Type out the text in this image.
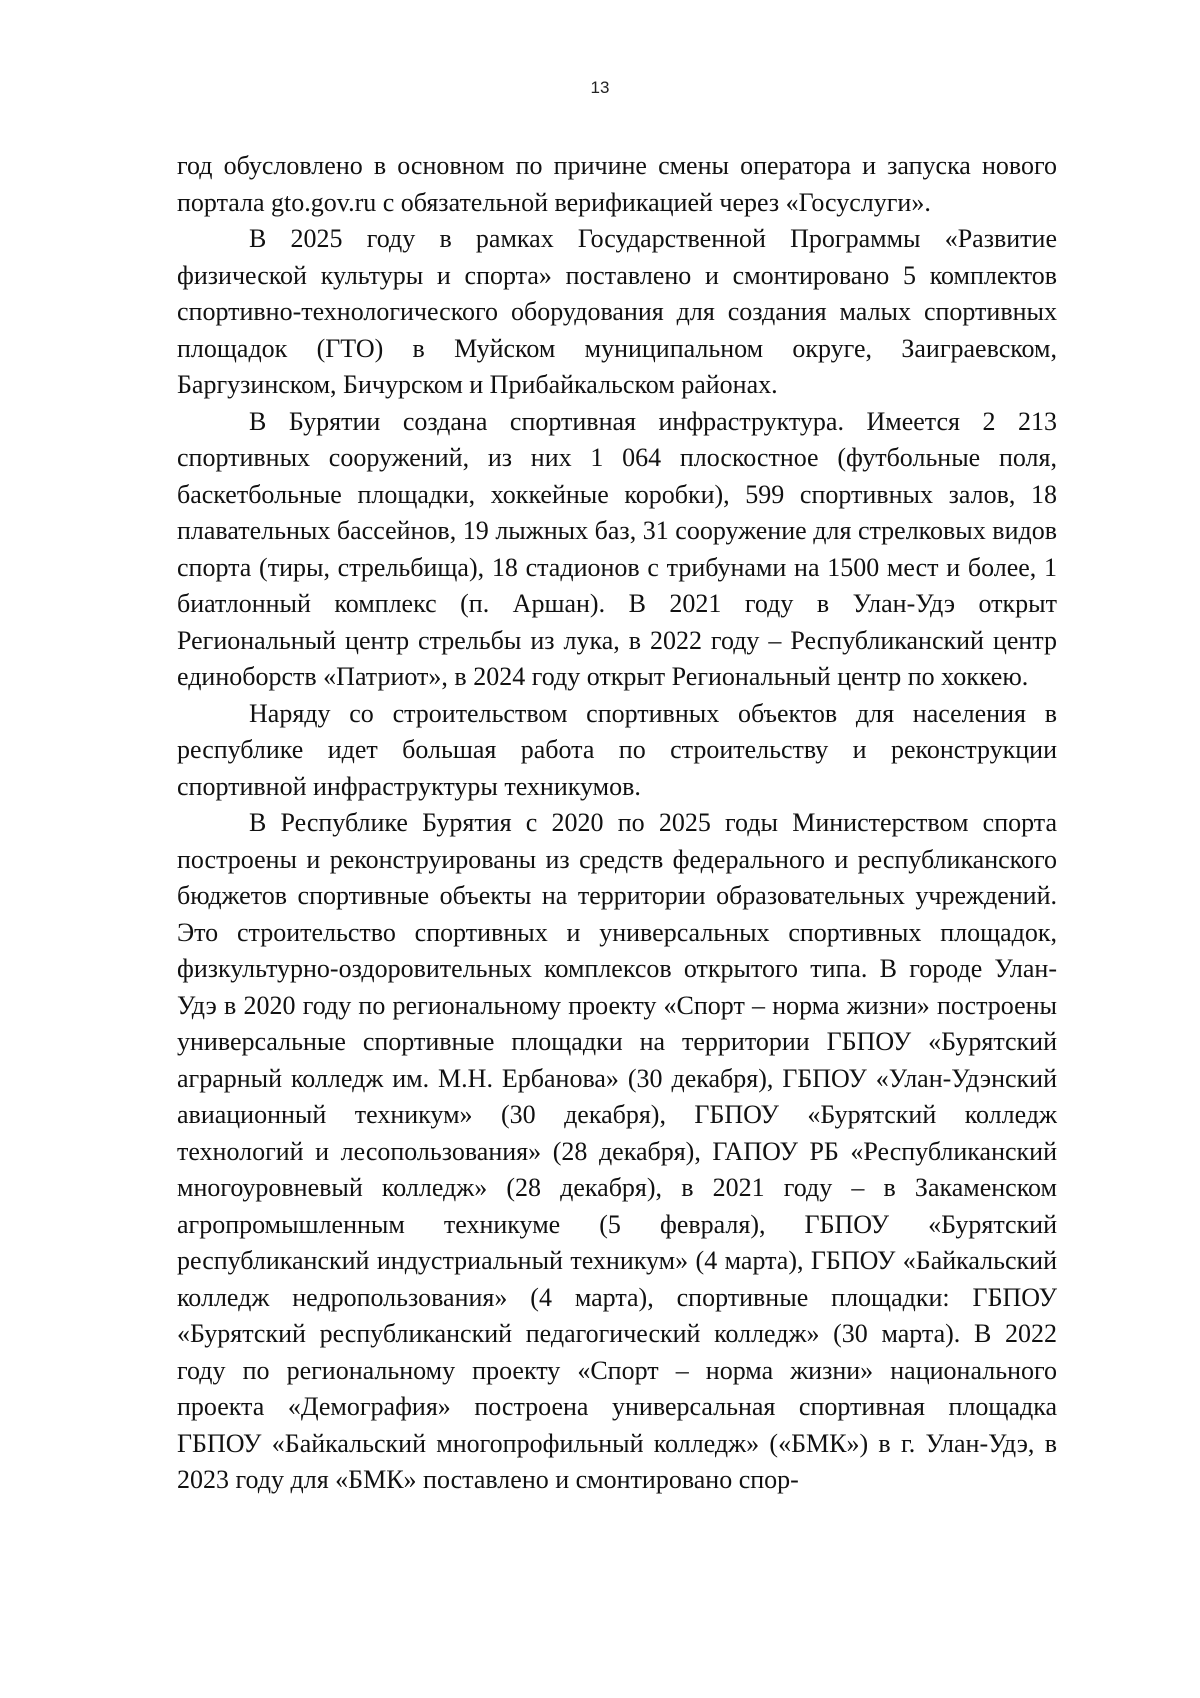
13

год обусловлено в основном по причине смены оператора и запуска нового портала gto.gov.ru с обязательной верификацией через «Госуслуги».

В 2025 году в рамках Государственной Программы «Развитие физической культуры и спорта» поставлено и смонтировано 5 комплектов спортивно-технологического оборудования для создания малых спортивных площадок (ГТО) в Муйском муниципальном округе, Заиграевском, Баргузинском, Бичурском и Прибайкальском районах.

В Бурятии создана спортивная инфраструктура. Имеется 2 213 спортивных сооружений, из них 1 064 плоскостное (футбольные поля, баскетбольные площадки, хоккейные коробки), 599 спортивных залов, 18 плавательных бассейнов, 19 лыжных баз, 31 сооружение для стрелковых видов спорта (тиры, стрельбища), 18 стадионов с трибунами на 1500 мест и более, 1 биатлонный комплекс (п. Аршан). В 2021 году в Улан-Удэ открыт Региональный центр стрельбы из лука, в 2022 году – Республиканский центр единоборств «Патриот», в 2024 году открыт Региональный центр по хоккею.

Наряду со строительством спортивных объектов для населения в республике идет большая работа по строительству и реконструкции спортивной инфраструктуры техникумов.

В Республике Бурятия с 2020 по 2025 годы Министерством спорта построены и реконструированы из средств федерального и республиканского бюджетов спортивные объекты на территории образовательных учреждений. Это строительство спортивных и универсальных спортивных площадок, физкультурно-оздоровительных комплексов открытого типа. В городе Улан-Удэ в 2020 году по региональному проекту «Спорт – норма жизни» построены универсальные спортивные площадки на территории ГБПОУ «Бурятский аграрный колледж им. М.Н. Ербанова» (30 декабря), ГБПОУ «Улан-Удэнский авиационный техникум» (30 декабря), ГБПОУ «Бурятский колледж технологий и лесопользования» (28 декабря), ГАПОУ РБ «Республиканский многоуровневый колледж» (28 декабря), в 2021 году – в Закаменском агропромышленным техникуме (5 февраля), ГБПОУ «Бурятский республиканский индустриальный техникум» (4 марта), ГБПОУ «Байкальский колледж недропользования» (4 марта), спортивные площадки: ГБПОУ «Бурятский республиканский педагогический колледж» (30 марта). В 2022 году по региональному проекту «Спорт – норма жизни» национального проекта «Демография» построена универсальная спортивная площадка ГБПОУ «Байкальский многопрофильный колледж» («БМК») в г. Улан-Удэ, в 2023 году для «БМК» поставлено и смонтировано спор-
